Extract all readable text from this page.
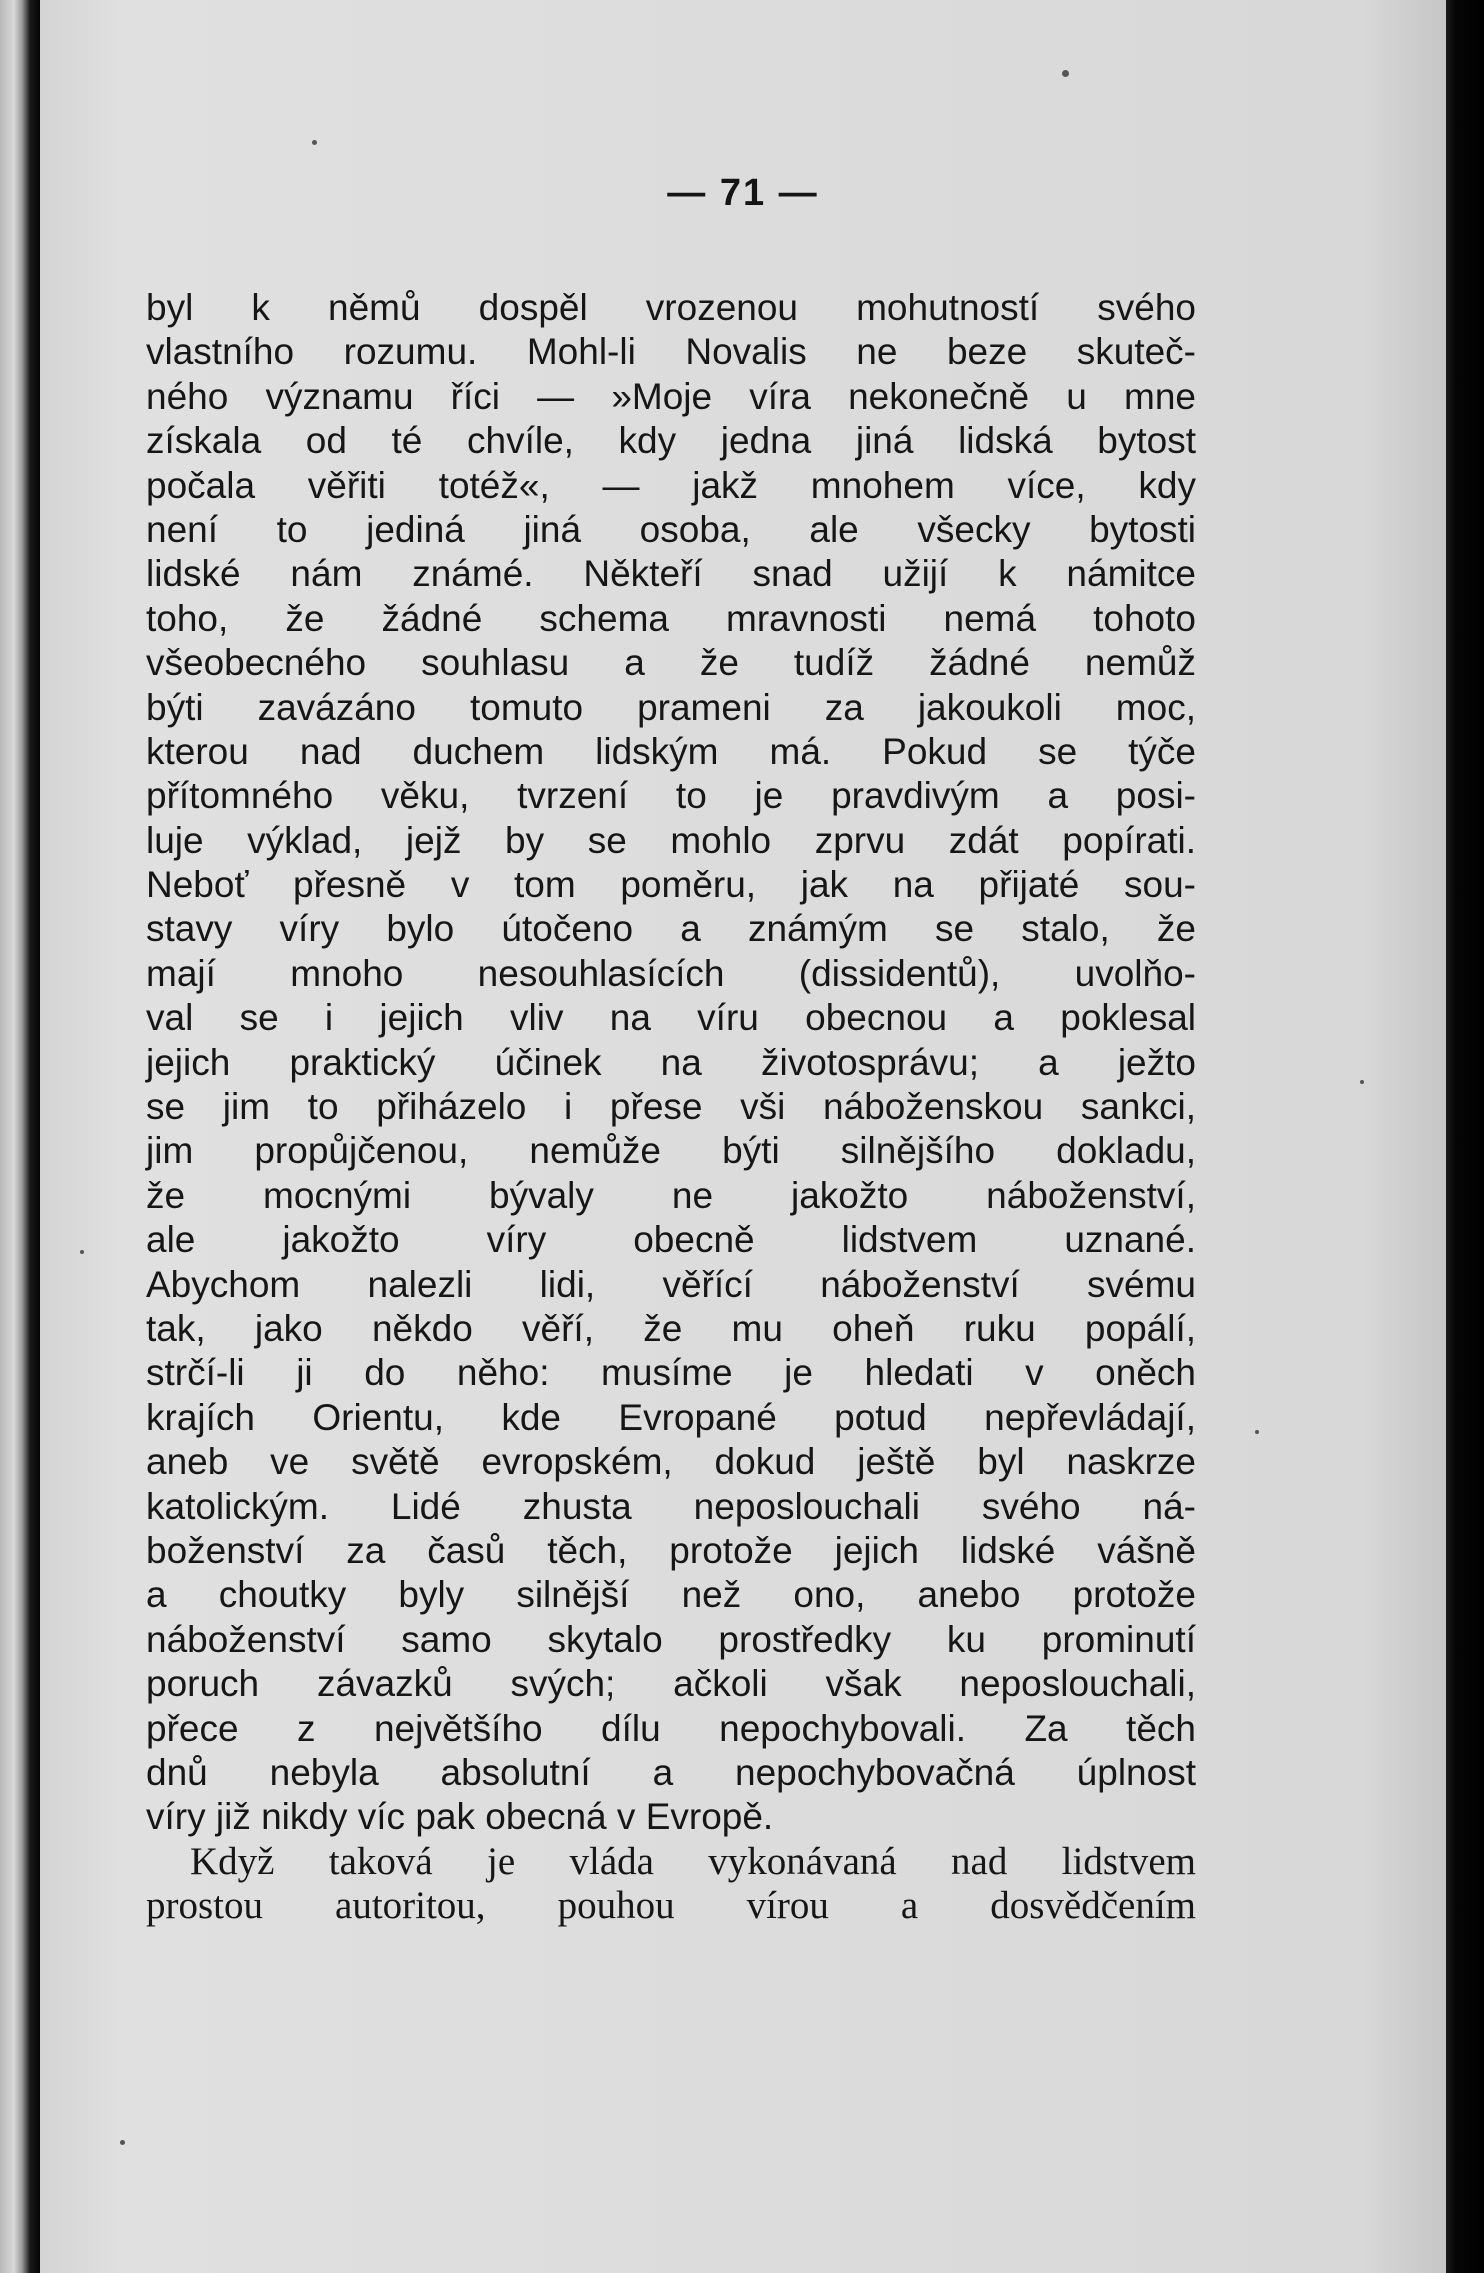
— 71 —
byl k němů dospěl vrozenou mohutností svého
vlastního rozumu. Mohl-li Novalis ne beze skuteč-
ného významu říci — »Moje víra nekonečně u mne
získala od té chvíle, kdy jedna jiná lidská bytost
počala věřiti totéž«, — jakž mnohem více, kdy
není to jediná jiná osoba, ale všecky bytosti
lidské nám známé. Někteří snad užijí k námitce
toho, že žádné schema mravnosti nemá tohoto
všeobecného souhlasu a že tudíž žádné nemůž
býti zavázáno tomuto prameni za jakoukoli moc,
kterou nad duchem lidským má. Pokud se týče
přítomného věku, tvrzení to je pravdivým a posi-
luje výklad, jejž by se mohlo zprvu zdát popírati.
Neboť přesně v tom poměru, jak na přijaté sou-
stavy víry bylo útočeno a známým se stalo, že
mají mnoho nesouhlasících (dissidentů), uvolňo-
val se i jejich vliv na víru obecnou a poklesal
jejich praktický účinek na životosprávu; a ježto
se jim to přiházelo i přese vši náboženskou sankci,
jim propůjčenou, nemůže býti silnějšího dokladu,
že mocnými bývaly ne jakožto náboženství,
ale jakožto víry obecně lidstvem uznané.
Abychom nalezli lidi, věřící náboženství svému
tak, jako někdo věří, že mu oheň ruku popálí,
strčí-li ji do něho: musíme je hledati v oněch
krajích Orientu, kde Evropané potud nepřevládají,
aneb ve světě evropském, dokud ještě byl naskrze
katolickým. Lidé zhusta neposlouchali svého ná-
boženství za časů těch, protože jejich lidské vášně
a choutky byly silnější než ono, anebo protože
náboženství samo skytalo prostředky ku prominutí
poruch závazků svých; ačkoli však neposlouchali,
přece z největšího dílu nepochybovali. Za těch
dnů nebyla absolutní a nepochybovačná úplnost
víry již nikdy víc pak obecná v Evropě.
Když taková je vláda vykonávaná nad lidstvem
prostou autoritou, pouhou vírou a dosvědčením
